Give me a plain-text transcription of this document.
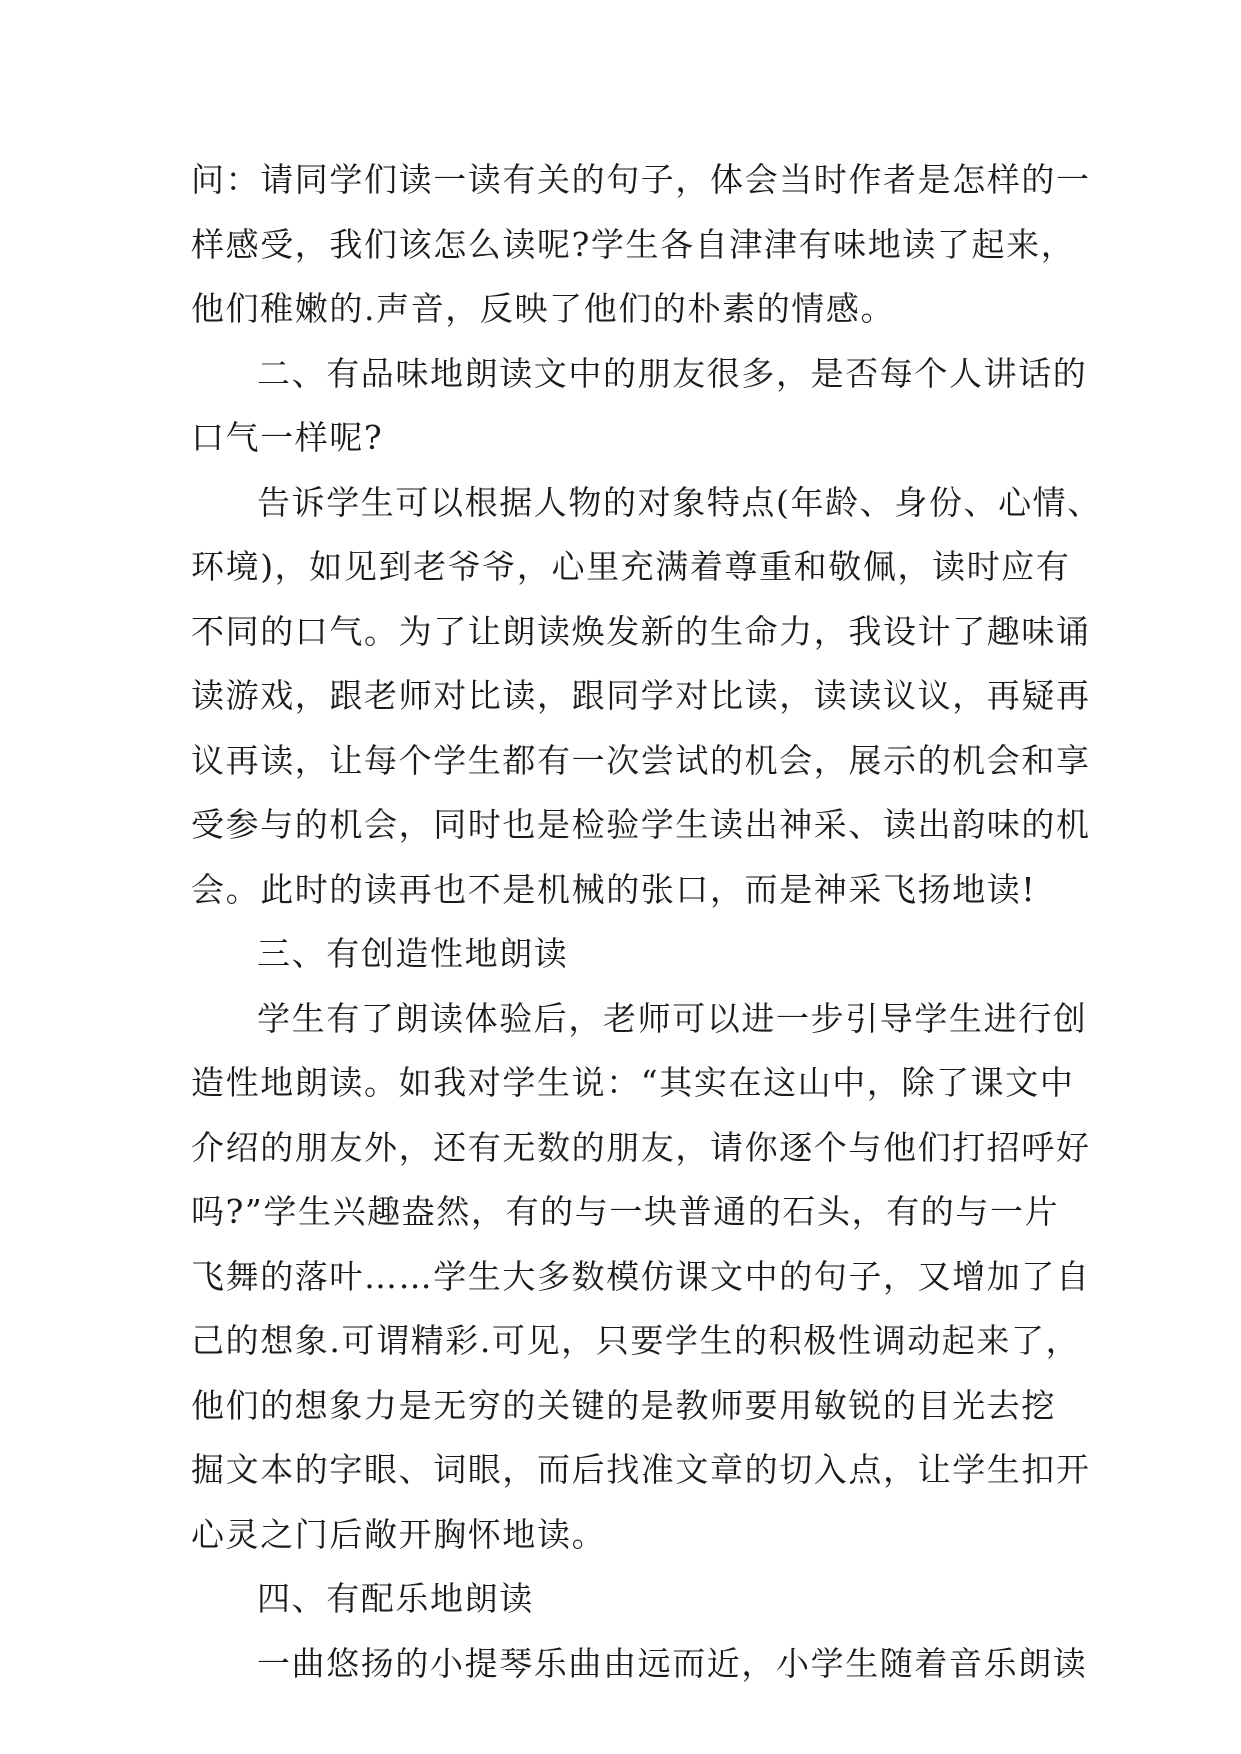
问：请同学们读一读有关的句子，体会当时作者是怎样的一
样感受，我们该怎么读呢?学生各自津津有味地读了起来，
他们稚嫩的.声音，反映了他们的朴素的情感。
二、有品味地朗读文中的朋友很多，是否每个人讲话的
口气一样呢?
告诉学生可以根据人物的对象特点(年龄、身份、心情、
环境)，如见到老爷爷，心里充满着尊重和敬佩，读时应有
不同的口气。为了让朗读焕发新的生命力，我设计了趣味诵
读游戏，跟老师对比读，跟同学对比读，读读议议，再疑再
议再读，让每个学生都有一次尝试的机会，展示的机会和享
受参与的机会，同时也是检验学生读出神采、读出韵味的机
会。此时的读再也不是机械的张口，而是神采飞扬地读!
三、有创造性地朗读
学生有了朗读体验后，老师可以进一步引导学生进行创
造性地朗读。如我对学生说：“其实在这山中，除了课文中
介绍的朋友外，还有无数的朋友，请你逐个与他们打招呼好
吗?”学生兴趣盎然，有的与一块普通的石头，有的与一片
飞舞的落叶……学生大多数模仿课文中的句子，又增加了自
己的想象.可谓精彩.可见，只要学生的积极性调动起来了，
他们的想象力是无穷的关键的是教师要用敏锐的目光去挖
掘文本的字眼、词眼，而后找准文章的切入点，让学生扣开
心灵之门后敞开胸怀地读。
四、有配乐地朗读
一曲悠扬的小提琴乐曲由远而近，小学生随着音乐朗读
